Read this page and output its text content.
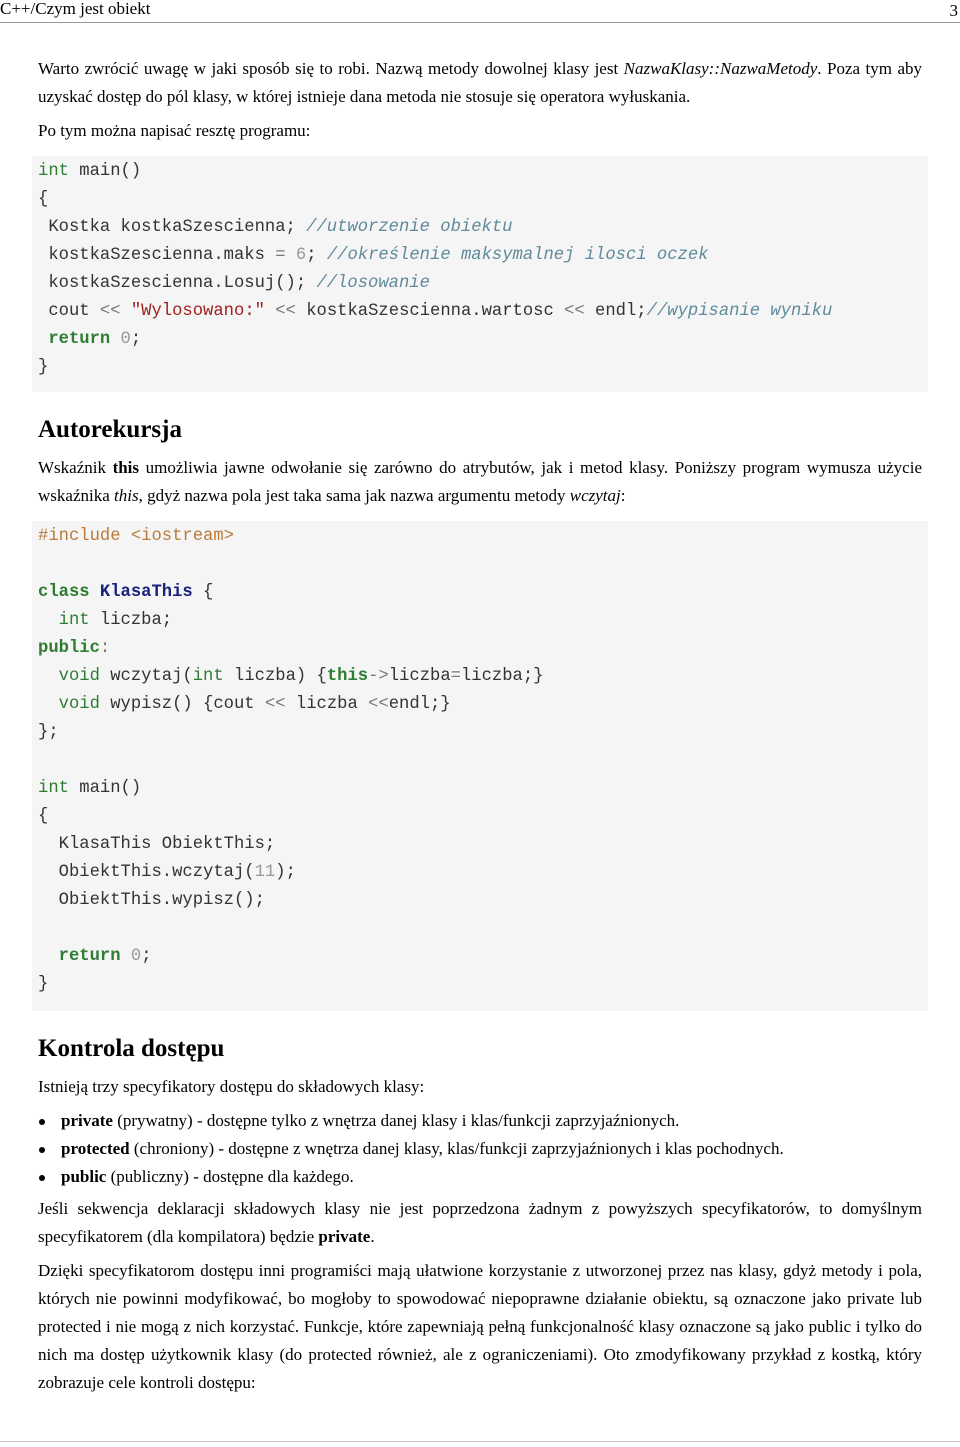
C++/Czym jest obiekt	3

Warto zwrócić uwagę w jaki sposób się to robi. Nazwą metody dowolnej klasy jest NazwaKlasy::NazwaMetody. Poza tym aby uzyskać dostęp do pól klasy, w której istnieje dana metoda nie stosuje się operatora wyłuskania.

Po tym można napisać resztę programu:

int main()
{
Kostka kostkaSzescienna; //utworzenie obiektu
kostkaSzescienna.maks = 6; //określenie maksymalnej ilosci oczek
kostkaSzescienna.Losuj(); //losowanie
cout << "Wylosowano:" << kostkaSzescienna.wartosc << endl;//wypisanie wyniku
return 0;
}
Autorekursja

Wskaźnik this umożliwia jawne odwołanie się zarówno do atrybutów, jak i metod klasy. Poniższy program wymusza użycie wskaźnika this, gdyż nazwa pola jest taka sama jak nazwa argumentu metody wczytaj:

#include <iostream>

class KlasaThis {
int liczba;
public:
void wczytaj(int liczba) {this->liczba=liczba;}
void wypisz() {cout << liczba <<endl;}
};

int main()
{
KlasaThis ObiektThis;
ObiektThis.wczytaj(11);
ObiektThis.wypisz();

return 0;
}
Kontrola dostępu

Istnieją trzy specyfikatory dostępu do składowych klasy:

private (prywatny) - dostępne tylko z wnętrza danej klasy i klas/funkcji zaprzyjaźnionych.
protected (chroniony) - dostępne z wnętrza danej klasy, klas/funkcji zaprzyjaźnionych i klas pochodnych.
public (publiczny) - dostępne dla każdego.

Jeśli sekwencja deklaracji składowych klasy nie jest poprzedzona żadnym z powyższych specyfikatorów, to domyślnym specyfikatorem (dla kompilatora) będzie private.

Dzięki specyfikatorom dostępu inni programiści mają ułatwione korzystanie z utworzonej przez nas klasy, gdyż metody i pola, których nie powinni modyfikować, bo mogłoby to spowodować niepoprawne działanie obiektu, są oznaczone jako private lub protected i nie mogą z nich korzystać. Funkcje, które zapewniają pełną funkcjonalność klasy oznaczone są jako public i tylko do nich ma dostęp użytkownik klasy (do protected również, ale z ograniczeniami). Oto zmodyfikowany przykład z kostką, który zobrazuje cele kontroli dostępu:
